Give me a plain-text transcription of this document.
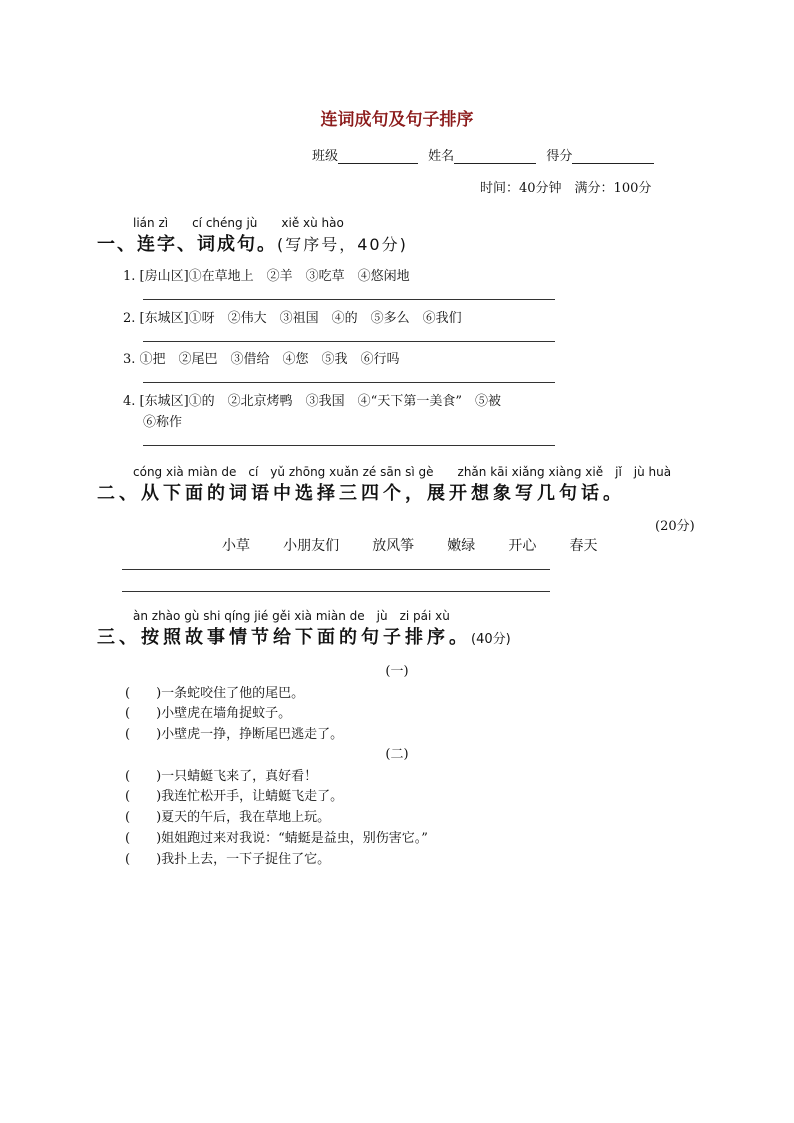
连词成句及句子排序
班级	姓名	得分
时间：40分钟　满分：100分
lián zì　　cí chéng jù　　xiě xù hào
一、连字、词成句。(写序号，40分)
1. [房山区]①在草地上　②羊　③吃草　④悠闲地
2. [东城区]①呀　②伟大　③祖国　④的　⑤多么　⑥我们
3. ①把　②尾巴　③借给　④您　⑤我　⑥行吗
4. [东城区]①的　②北京烤鸭　③我国　④“天下第一美食”　⑤被
⑥称作
cóng xià miàn de　cí　yǔ zhōng xuǎn zé sān sì gè　　zhǎn kāi xiǎng xiàng xiě　jǐ　jù huà
二、从下面的词语中选择三四个，展开想象写几句话。
(20分)
小草 小朋友们 放风筝 嫩绿 开心 春天
àn zhào gù shi qíng jié gěi xià miàn de　jù　zi pái xù
三、按照故事情节给下面的句子排序。(40分)
(一)
(　　)一条蛇咬住了他的尾巴。
(　　)小壁虎在墙角捉蚊子。
(　　)小壁虎一挣，挣断尾巴逃走了。
(二)
(　　)一只蜻蜓飞来了，真好看！
(　　)我连忙松开手，让蜻蜓飞走了。
(　　)夏天的午后，我在草地上玩。
(　　)姐姐跑过来对我说：“蜻蜓是益虫，别伤害它。”
(　　)我扑上去，一下子捉住了它。
